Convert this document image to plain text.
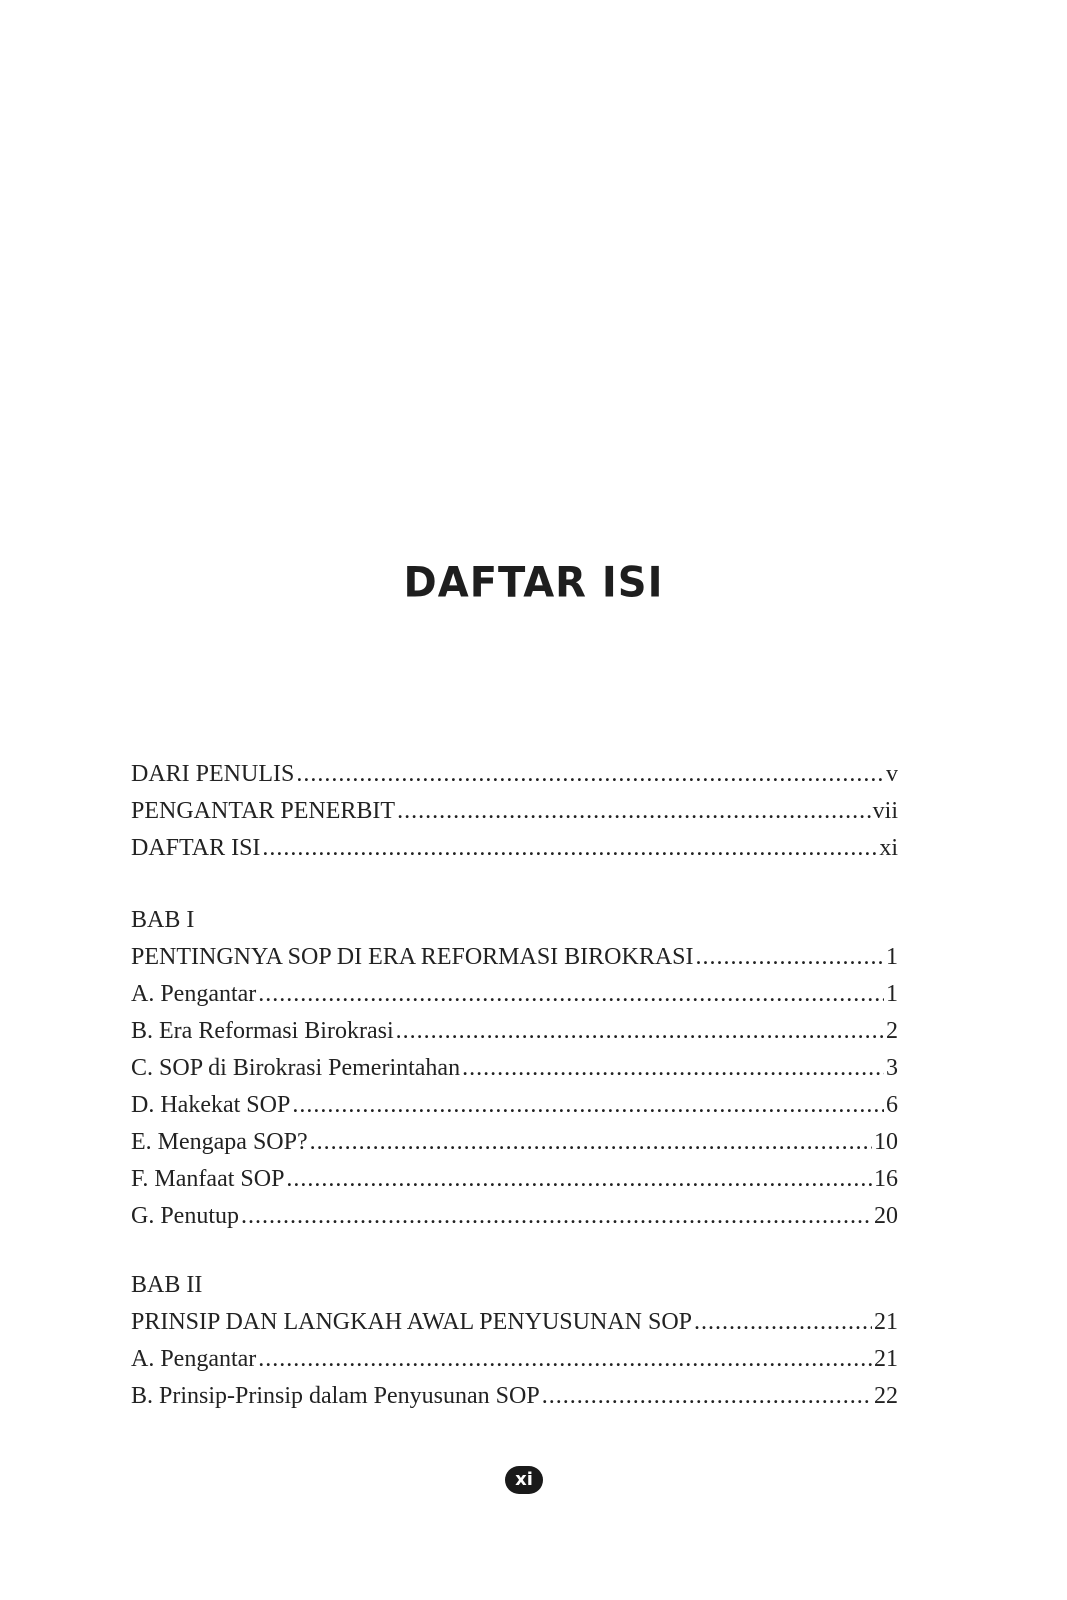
DAFTAR ISI
DARI PENULIS .....	v
PENGANTAR PENERBIT .....	vii
DAFTAR ISI .....	xi
BAB I
PENTINGNYA SOP DI ERA REFORMASI BIROKRASI .....	1
A. Pengantar .....	1
B. Era Reformasi Birokrasi .....	2
C. SOP di Birokrasi Pemerintahan .....	3
D. Hakekat SOP .....	6
E. Mengapa SOP? .....	10
F. Manfaat SOP .....	16
G. Penutup .....	20
BAB II
PRINSIP DAN LANGKAH AWAL PENYUSUNAN SOP .....	21
A. Pengantar .....	21
B. Prinsip-Prinsip dalam Penyusunan SOP .....	22
xi
